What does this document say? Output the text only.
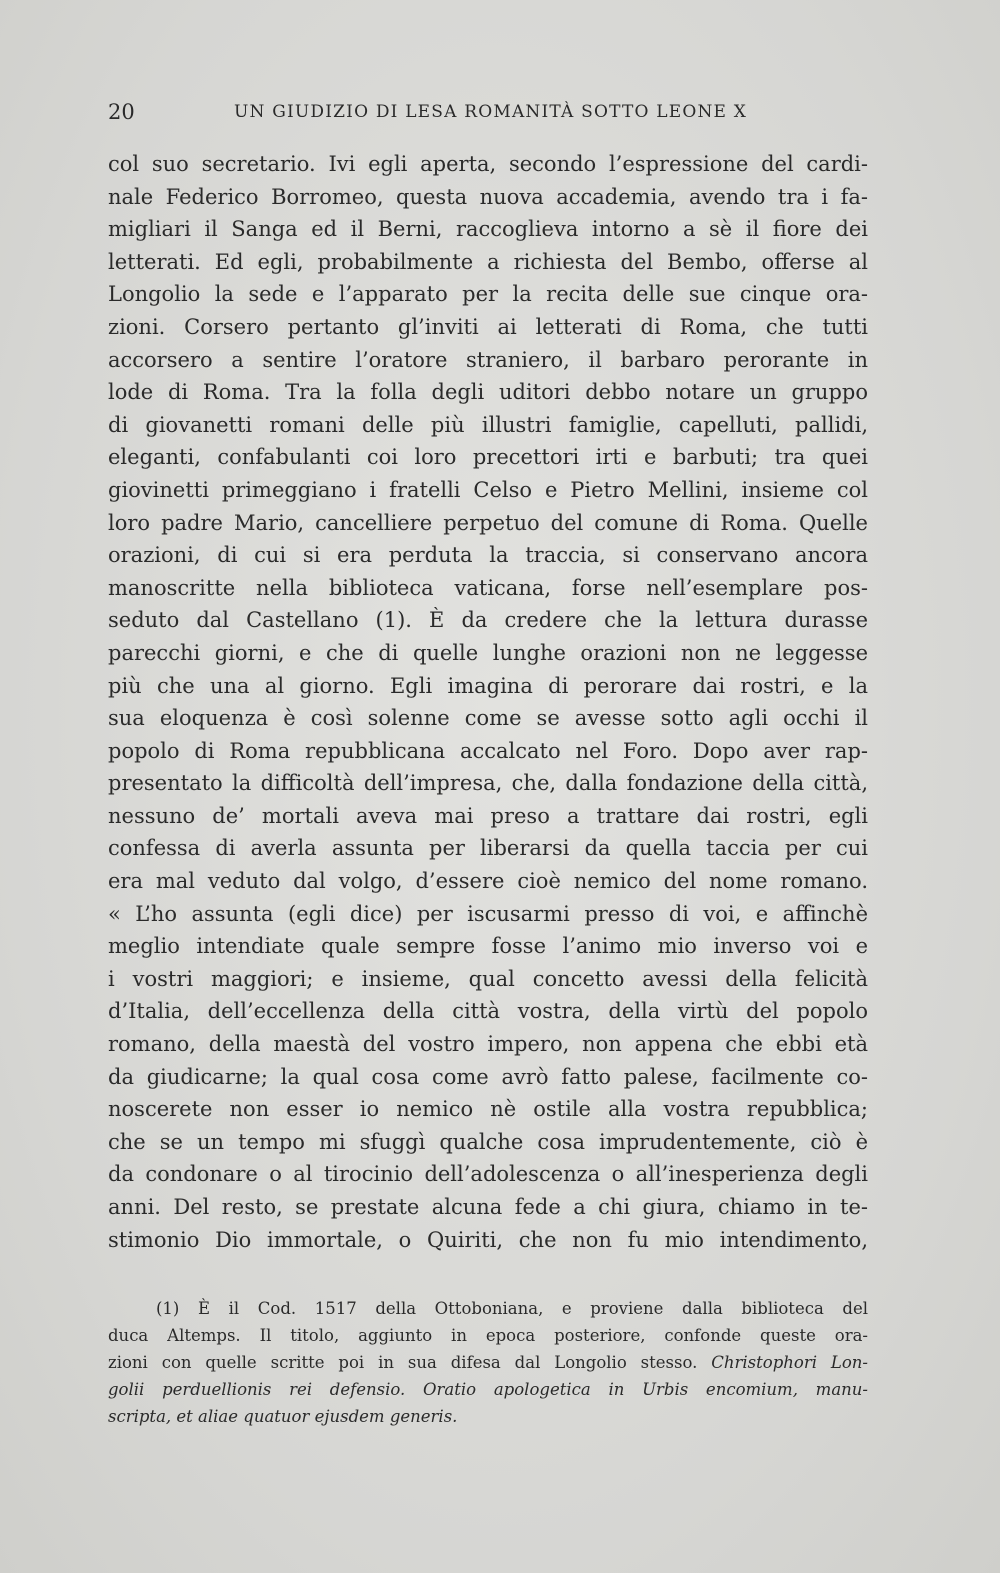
20	UN GIUDIZIO DI LESA ROMANITÀ SOTTO LEONE X
col suo secretario. Ivi egli aperta, secondo l’espressione del cardi-
nale Federico Borromeo, questa nuova accademia, avendo tra i fa-
migliari il Sanga ed il Berni, raccoglieva intorno a sè il fiore dei
letterati. Ed egli, probabilmente a richiesta del Bembo, offerse al
Longolio la sede e l’apparato per la recita delle sue cinque ora-
zioni. Corsero pertanto gl’inviti ai letterati di Roma, che tutti
accorsero a sentire l’oratore straniero, il barbaro perorante in
lode di Roma. Tra la folla degli uditori debbo notare un gruppo
di giovanetti romani delle più illustri famiglie, capelluti, pallidi,
eleganti, confabulanti coi loro precettori irti e barbuti; tra quei
giovinetti primeggiano i fratelli Celso e Pietro Mellini, insieme col
loro padre Mario, cancelliere perpetuo del comune di Roma. Quelle
orazioni, di cui si era perduta la traccia, si conservano ancora
manoscritte nella biblioteca vaticana, forse nell’esemplare pos-
seduto dal Castellano (1). È da credere che la lettura durasse
parecchi giorni, e che di quelle lunghe orazioni non ne leggesse
più che una al giorno. Egli imagina di perorare dai rostri, e la
sua eloquenza è così solenne come se avesse sotto agli occhi il
popolo di Roma repubblicana accalcato nel Foro. Dopo aver rap-
presentato la difficoltà dell’impresa, che, dalla fondazione della città,
nessuno de’ mortali aveva mai preso a trattare dai rostri, egli
confessa di averla assunta per liberarsi da quella taccia per cui
era mal veduto dal volgo, d’essere cioè nemico del nome romano.
« L’ho assunta (egli dice) per iscusarmi presso di voi, e affinchè
meglio intendiate quale sempre fosse l’animo mio inverso voi e
i vostri maggiori; e insieme, qual concetto avessi della felicità
d’Italia, dell’eccellenza della città vostra, della virtù del popolo
romano, della maestà del vostro impero, non appena che ebbi età
da giudicarne; la qual cosa come avrò fatto palese, facilmente co-
noscerete non esser io nemico nè ostile alla vostra repubblica;
che se un tempo mi sfuggì qualche cosa imprudentemente, ciò è
da condonare o al tirocinio dell’adolescenza o all’inesperienza degli
anni. Del resto, se prestate alcuna fede a chi giura, chiamo in te-
stimonio Dio immortale, o Quiriti, che non fu mio intendimento,
(1) È il Cod. 1517 della Ottoboniana, e proviene dalla biblioteca del
duca Altemps. Il titolo, aggiunto in epoca posteriore, confonde queste ora-
zioni con quelle scritte poi in sua difesa dal Longolio stesso. Christophori Lon-
golii perduellionis rei defensio. Oratio apologetica in Urbis encomium, manu-
scripta, et aliae quatuor ejusdem generis.
